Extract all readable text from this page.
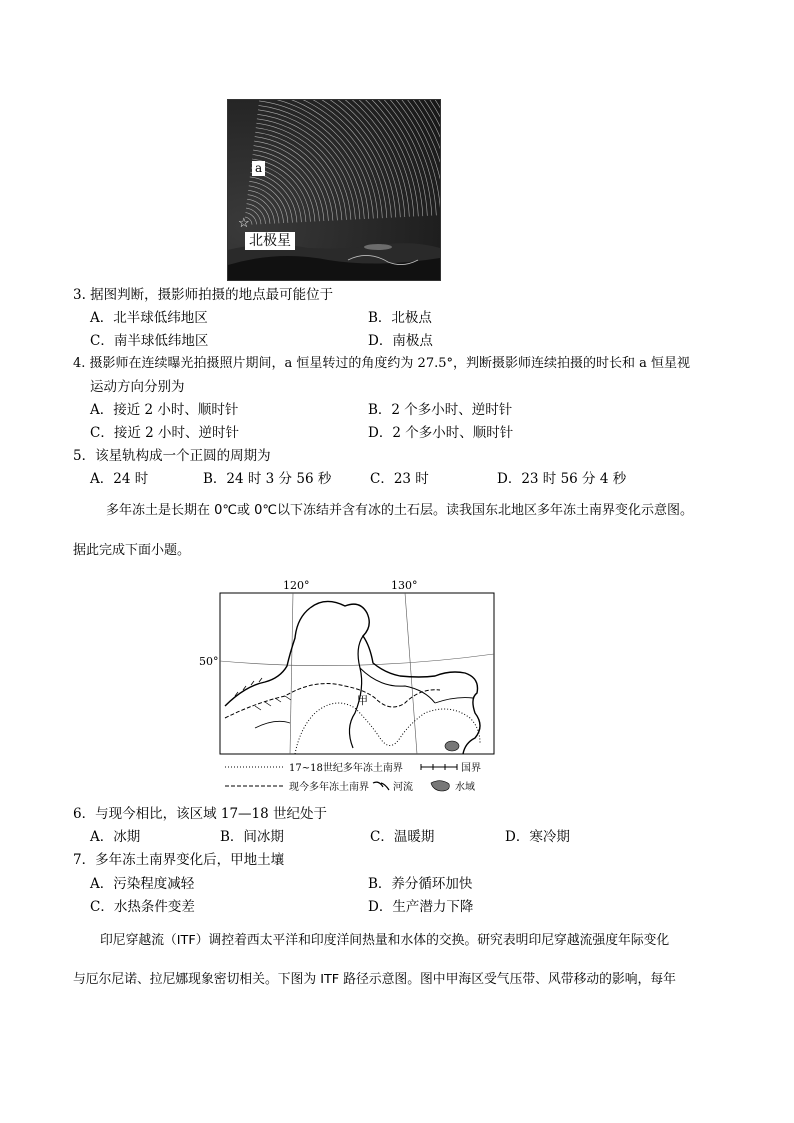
☆
a
北极星
3. 据图判断，摄影师拍摄的地点最可能位于
A．北半球低纬地区	B．北极点
C．南半球低纬地区	D．南极点
4. 摄影师在连续曝光拍摄照片期间，a 恒星转过的角度约为 27.5°，判断摄影师连续拍摄的时长和 a 恒星视
运动方向分别为
A．接近 2 小时、顺时针	B．2 个多小时、逆时针
C．接近 2 小时、逆时针	D．2 个多小时、顺时针
5．该星轨构成一个正圆的周期为
A．24 时	B．24 时 3 分 56 秒	C．23 时	D．23 时 56 分 4 秒
多年冻土是长期在 0℃或 0℃以下冻结并含有冰的土石层。读我国东北地区多年冻土南界变化示意图。
据此完成下面小题。
120°	130°
50°
甲
17~18世纪多年冻土南界	国界
现今多年冻土南界 河流	水域
6．与现今相比，该区域 17—18 世纪处于
A．冰期	B．间冰期	C．温暖期	D．寒冷期
7．多年冻土南界变化后，甲地土壤
A．污染程度减轻	B．养分循环加快
C．水热条件变差	D．生产潜力下降
印尼穿越流（ITF）调控着西太平洋和印度洋间热量和水体的交换。研究表明印尼穿越流强度年际变化
与厄尔尼诺、拉尼娜现象密切相关。下图为 ITF 路径示意图。图中甲海区受气压带、风带移动的影响，每年
